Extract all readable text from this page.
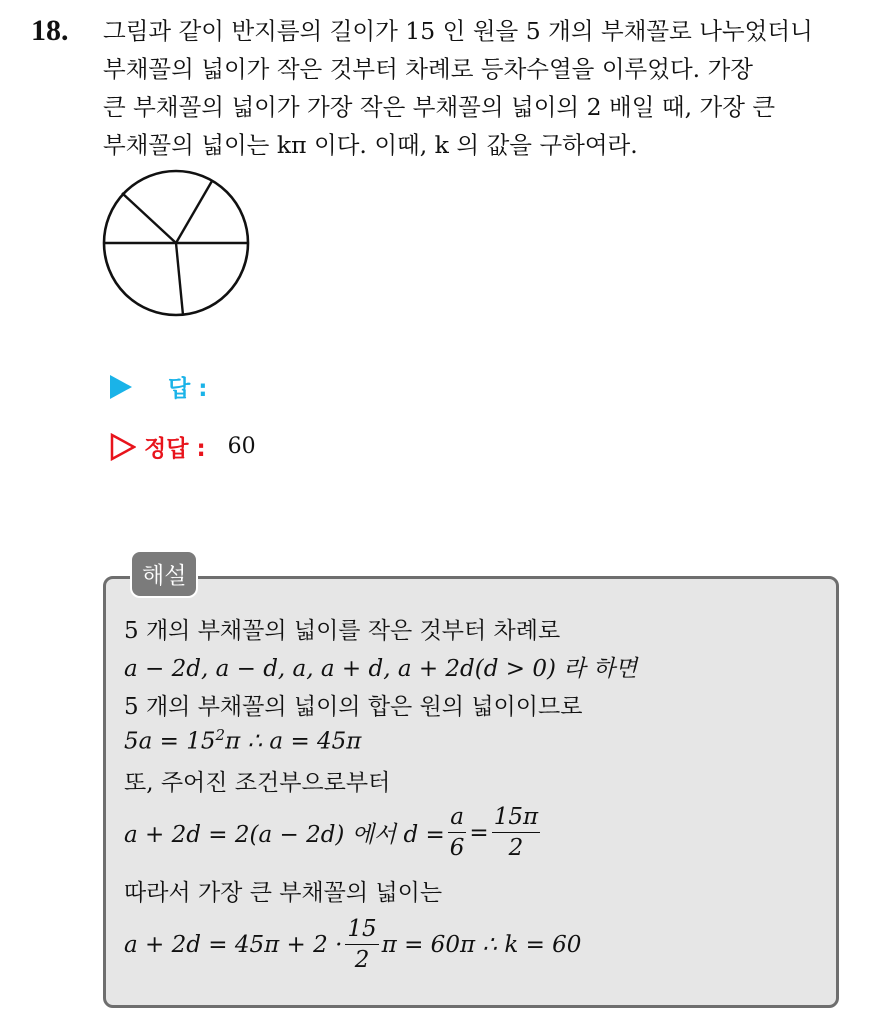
18. 그림과 같이 반지름의 길이가 15 인 원을 5 개의 부채꼴로 나누었더니

부채꼴의 넓이가 작은 것부터 차례로 등차수열을 이루었다. 가장

큰 부채꼴의 넓이가 가장 작은 부채꼴의 넓이의 2 배일 때, 가장 큰

부채꼴의 넓이는 kπ 이다. 이때, k 의 값을 구하여라.

답 :
정답 : 60
해설
5 개의 부채꼴의 넓이를 작은 것부터 차례로
a − 2d, a − d, a, a + d, a + 2d(d > 0) 라 하면
5 개의 부채꼴의 넓이의 합은 원의 넓이이므로
$5a = 15^2\pi$ ∴ a = 45π
또, 주어진 조건부으로부터
a + 2d = 2(a − 2d) 에서 $d = \frac{a}{6} = \frac{15\pi}{2}$
따라서 가장 큰 부채꼴의 넓이는
$a + 2d = 45\pi + 2 \cdot \frac{15}{2}$ π = 60π ∴ k = 60
